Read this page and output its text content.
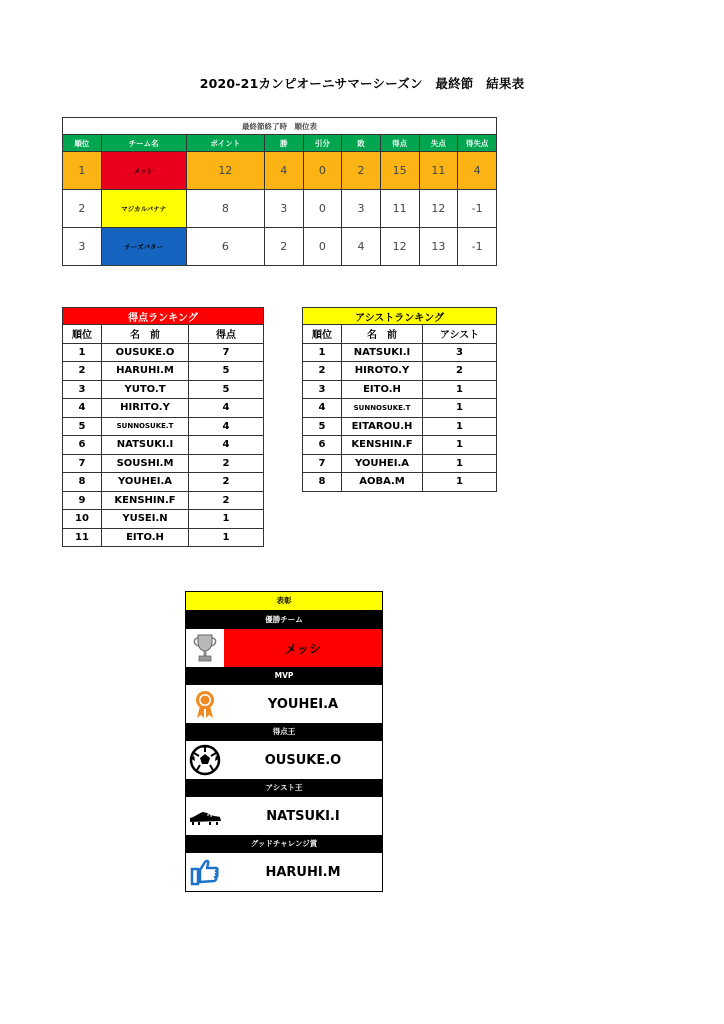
2020-21カンピオーニサマーシーズン　最終節　結果表
最終節終了時　順位表								
順位	チーム名	ポイント	勝	引分	敗	得点	失点	得失点
1	メッシ	12	4	0	2	15	11	4
2	マジカルバナナ	8	3	0	3	11	12	-1
3	チーズバター	6	2	0	4	12	13	-1
得点ランキング		
順位	名　前	得点
1	OUSUKE.O	7
2	HARUHI.M	5
3	YUTO.T	5
4	HIRITO.Y	4
5	SUNNOSUKE.T	4
6	NATSUKI.I	4
7	SOUSHI.M	2
8	YOUHEI.A	2
9	KENSHIN.F	2
10	YUSEI.N	1
11	EITO.H	1
アシストランキング		
順位	名　前	アシスト
1	NATSUKI.I	3
2	HIROTO.Y	2
3	EITO.H	1
4	SUNNOSUKE.T	1
5	EITAROU.H	1
6	KENSHIN.F	1
7	YOUHEI.A	1
8	AOBA.M	1
表彰
優勝チーム
メッシ
MVP
YOUHEI.A
得点王
OUSUKE.O
アシスト王
NATSUKI.I
グッドチャレンジ賞
HARUHI.M
